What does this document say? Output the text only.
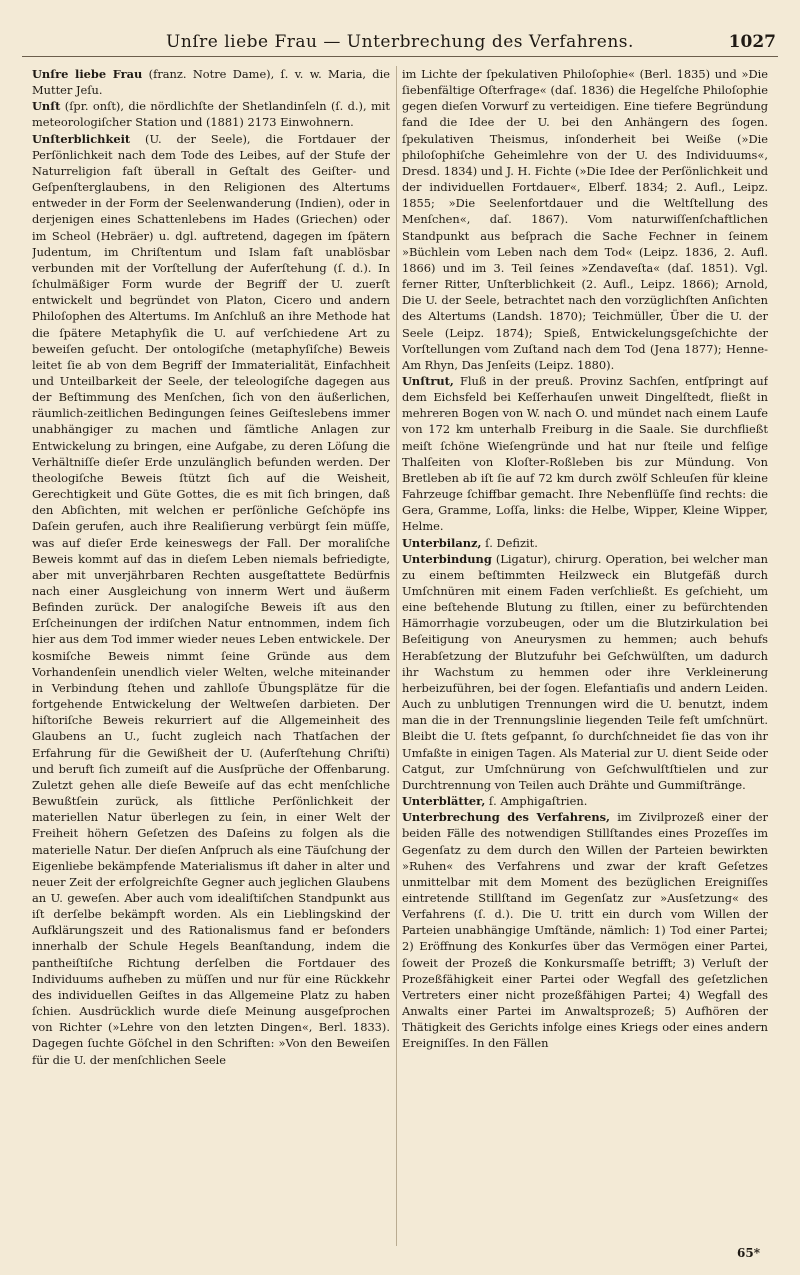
Unſre liebe Frau — Unterbrechung des Verfahrens.	1027

Unſre liebe Frau (franz. Notre Dame), ſ. v. w. Maria, die Mutter Jeſu.

Unſt (ſpr. onſt), die nördlichſte der Shetlandinſeln (ſ. d.), mit meteorologiſcher Station und (1881) 2173 Einwohnern.

Unſterblichkeit (U. der Seele), die Fortdauer der Perſönlichkeit nach dem Tode des Leibes, auf der Stufe der Naturreligion faſt überall in Geſtalt des Geiſter- und Geſpenſterglaubens, in den Religionen des Altertums entweder in der Form der Seelenwanderung (Indien), oder in derjenigen eines Schattenlebens im Hades (Griechen) oder im Scheol (Hebräer) u. dgl. auftretend, dagegen im ſpätern Judentum, im Chriſtentum und Islam faſt unablösbar verbunden mit der Vorſtellung der Auferſtehung (ſ. d.). In ſchulmäßiger Form wurde der Begriff der U. zuerſt entwickelt und begründet von Platon, Cicero und andern Philoſophen des Altertums. Im Anſchluß an ihre Methode hat die ſpätere Metaphyſik die U. auf verſchiedene Art zu beweiſen geſucht. Der ontologiſche (metaphyſiſche) Beweis leitet ſie ab von dem Begriff der Immaterialität, Einfachheit und Unteilbarkeit der Seele, der teleologiſche dagegen aus der Beſtimmung des Menſchen, ſich von den äußerlichen, räumlich-zeitlichen Bedingungen ſeines Geiſteslebens immer unabhängiger zu machen und ſämtliche Anlagen zur Entwickelung zu bringen, eine Aufgabe, zu deren Löſung die Verhältniſſe dieſer Erde unzulänglich befunden werden. Der theologiſche Beweis ſtützt ſich auf die Weisheit, Gerechtigkeit und Güte Gottes, die es mit ſich bringen, daß den Abſichten, mit welchen er perſönliche Geſchöpfe ins Daſein gerufen, auch ihre Realiſierung verbürgt ſein müſſe, was auf dieſer Erde keineswegs der Fall. Der moraliſche Beweis kommt auf das in dieſem Leben niemals befriedigte, aber mit unverjährbaren Rechten ausgeſtattete Bedürfnis nach einer Ausgleichung von innerm Wert und äußerm Befinden zurück. Der analogiſche Beweis iſt aus den Erſcheinungen der irdiſchen Natur entnommen, indem ſich hier aus dem Tod immer wieder neues Leben entwickele. Der kosmiſche Beweis nimmt ſeine Gründe aus dem Vorhandenſein unendlich vieler Welten, welche miteinander in Verbindung ſtehen und zahlloſe Übungsplätze für die fortgehende Entwickelung der Weltweſen darbieten. Der hiſtoriſche Beweis rekurriert auf die Allgemeinheit des Glaubens an U., ſucht zugleich nach Thatſachen der Erfahrung für die Gewißheit der U. (Auferſtehung Chriſti) und beruft ſich zumeiſt auf die Ausſprüche der Offenbarung. Zuletzt gehen alle dieſe Beweiſe auf das echt menſchliche Bewußtſein zurück, als ſittliche Perſönlichkeit der materiellen Natur überlegen zu ſein, in einer Welt der Freiheit höhern Geſetzen des Daſeins zu folgen als die materielle Natur. Der dieſen Anſpruch als eine Täuſchung der Eigenliebe bekämpfende Materialismus iſt daher in alter und neuer Zeit der erfolgreichſte Gegner auch jeglichen Glaubens an U. geweſen. Aber auch vom idealiſtiſchen Standpunkt aus iſt derſelbe bekämpft worden. Als ein Lieblingskind der Aufklärungszeit und des Rationalismus fand er beſonders innerhalb der Schule Hegels Beanſtandung, indem die pantheiſtiſche Richtung derſelben die Fortdauer des Individuums aufheben zu müſſen und nur für eine Rückkehr des individuellen Geiſtes in das Allgemeine Platz zu haben ſchien. Ausdrücklich wurde dieſe Meinung ausgeſprochen von Richter (»Lehre von den letzten Dingen«, Berl. 1833). Dagegen ſuchte Göſchel in den Schriften: »Von den Beweiſen für die U. der menſchlichen Seele

im Lichte der ſpekulativen Philoſophie« (Berl. 1835) und »Die ſiebenfältige Oſterfrage« (daſ. 1836) die Hegelſche Philoſophie gegen dieſen Vorwurf zu verteidigen. Eine tiefere Begründung fand die Idee der U. bei den Anhängern des ſogen. ſpekulativen Theismus, inſonderheit bei Weiße (»Die philoſophiſche Geheimlehre von der U. des Individuums«, Dresd. 1834) und J. H. Fichte (»Die Idee der Perſönlichkeit und der individuellen Fortdauer«, Elberf. 1834; 2. Aufl., Leipz. 1855; »Die Seelenfortdauer und die Weltſtellung des Menſchen«, daſ. 1867). Vom naturwiſſenſchaftlichen Standpunkt aus beſprach die Sache Fechner in ſeinem »Büchlein vom Leben nach dem Tod« (Leipz. 1836, 2. Aufl. 1866) und im 3. Teil ſeines »Zendaveſta« (daſ. 1851). Vgl. ferner Ritter, Unſterblichkeit (2. Aufl., Leipz. 1866); Arnold, Die U. der Seele, betrachtet nach den vorzüglichſten Anſichten des Altertums (Landsh. 1870); Teichmüller, Über die U. der Seele (Leipz. 1874); Spieß, Entwickelungsgeſchichte der Vorſtellungen vom Zuſtand nach dem Tod (Jena 1877); Henne-Am Rhyn, Das Jenſeits (Leipz. 1880).

Unſtrut, Fluß in der preuß. Provinz Sachſen, entſpringt auf dem Eichsfeld bei Keſſerhauſen unweit Dingelſtedt, fließt in mehreren Bogen von W. nach O. und mündet nach einem Laufe von 172 km unterhalb Freiburg in die Saale. Sie durchfließt meiſt ſchöne Wieſengründe und hat nur ſteile und felſige Thalſeiten von Kloſter-Roßleben bis zur Mündung. Von Bretleben ab iſt ſie auf 72 km durch zwölf Schleuſen für kleine Fahrzeuge ſchiffbar gemacht. Ihre Nebenflüſſe ſind rechts: die Gera, Gramme, Loſſa, links: die Helbe, Wipper, Kleine Wipper, Helme.

Unterbilanz, ſ. Defizit.

Unterbindung (Ligatur), chirurg. Operation, bei welcher man zu einem beſtimmten Heilzweck ein Blutgefäß durch Umſchnüren mit einem Faden verſchließt. Es geſchieht, um eine beſtehende Blutung zu ſtillen, einer zu befürchtenden Hämorrhagie vorzubeugen, oder um die Blutzirkulation bei Beſeitigung von Aneurysmen zu hemmen; auch behufs Herabſetzung der Blutzufuhr bei Geſchwülſten, um dadurch ihr Wachstum zu hemmen oder ihre Verkleinerung herbeizuführen, bei der ſogen. Elefantiaſis und andern Leiden. Auch zu unblutigen Trennungen wird die U. benutzt, indem man die in der Trennungslinie liegenden Teile feſt umſchnürt. Bleibt die U. ſtets geſpannt, ſo durchſchneidet ſie das von ihr Umfaßte in einigen Tagen. Als Material zur U. dient Seide oder Catgut, zur Umſchnürung von Geſchwulſtſtielen und zur Durchtrennung von Teilen auch Drähte und Gummiſtränge.

Unterblätter, ſ. Amphigaſtrien.

Unterbrechung des Verfahrens, im Zivilprozeß einer der beiden Fälle des notwendigen Stillſtandes eines Prozeſſes im Gegenſatz zu dem durch den Willen der Parteien bewirkten »Ruhen« des Verfahrens und zwar der kraft Geſetzes unmittelbar mit dem Moment des bezüglichen Ereigniſſes eintretende Stillſtand im Gegenſatz zur »Ausſetzung« des Verfahrens (ſ. d.). Die U. tritt ein durch vom Willen der Parteien unabhängige Umſtände, nämlich: 1) Tod einer Partei; 2) Eröffnung des Konkurſes über das Vermögen einer Partei, ſoweit der Prozeß die Konkursmaſſe betrifft; 3) Verluſt der Prozeßfähigkeit einer Partei oder Wegfall des geſetzlichen Vertreters einer nicht prozeßfähigen Partei; 4) Wegfall des Anwalts einer Partei im Anwaltsprozeß; 5) Aufhören der Thätigkeit des Gerichts infolge eines Kriegs oder eines andern Ereigniſſes. In den Fällen

65*
